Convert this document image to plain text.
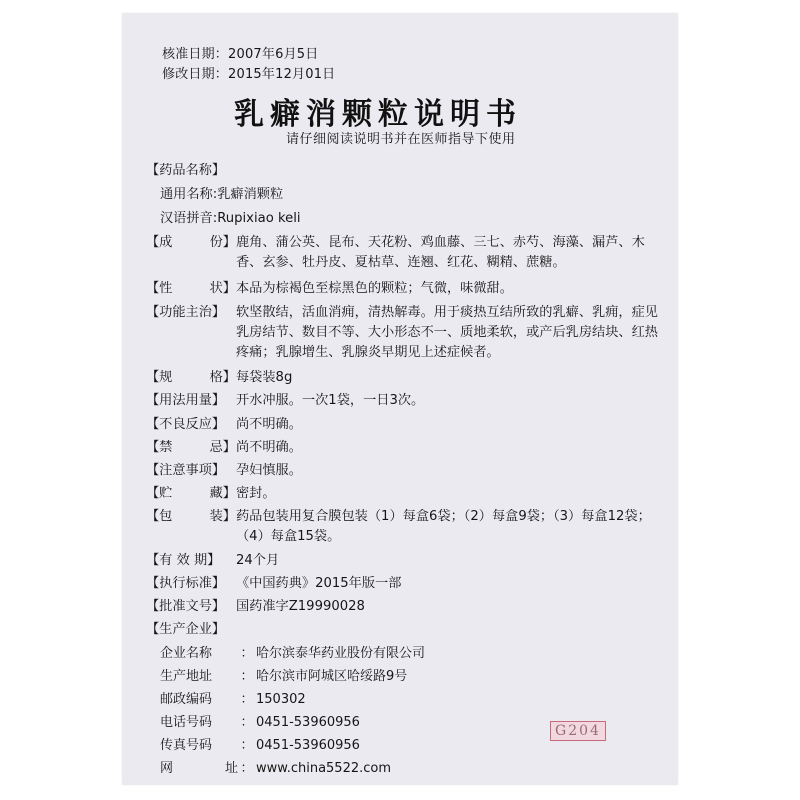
核准日期：2007年6月5日
修改日期：2015年12月01日
乳癖消颗粒说明书
请仔细阅读说明书并在医师指导下使用
【药品名称】
通用名称:乳癖消颗粒
汉语拼音:Rupixiao keli
【成	份】 鹿角、蒲公英、昆布、天花粉、鸡血藤、三七、赤芍、海藻、漏芦、木香、玄参、牡丹皮、夏枯草、连翘、红花、糊精、蔗糖。
【性	状】 本品为棕褐色至棕黑色的颗粒；气微，味微甜。
【功能主治】 软坚散结，活血消痈，清热解毒。用于痰热互结所致的乳癖、乳痈，症见乳房结节、数目不等、大小形态不一、质地柔软，或产后乳房结块、红热疼痛；乳腺增生、乳腺炎早期见上述症候者。
【规	格】 每袋装8g
【用法用量】 开水冲服。一次1袋，一日3次。
【不良反应】 尚不明确。
【禁	忌】 尚不明确。
【注意事项】 孕妇慎服。
【贮	藏】 密封。
【包	装】 药品包装用复合膜包装（1）每盒6袋；（2）每盒9袋；（3）每盒12袋；（4）每盒15袋。
【有 效 期】	24个月
【执行标准】 《中国药典》2015年版一部
【批准文号】 国药准字Z19990028
【生产企业】
企业名称	： 哈尔滨泰华药业股份有限公司
生产地址	： 哈尔滨市阿城区哈绥路9号
邮政编码	： 150302
电话号码	： 0451-53960956
传真号码	： 0451-53960956
网	址 ： www.china5522.com
G204
